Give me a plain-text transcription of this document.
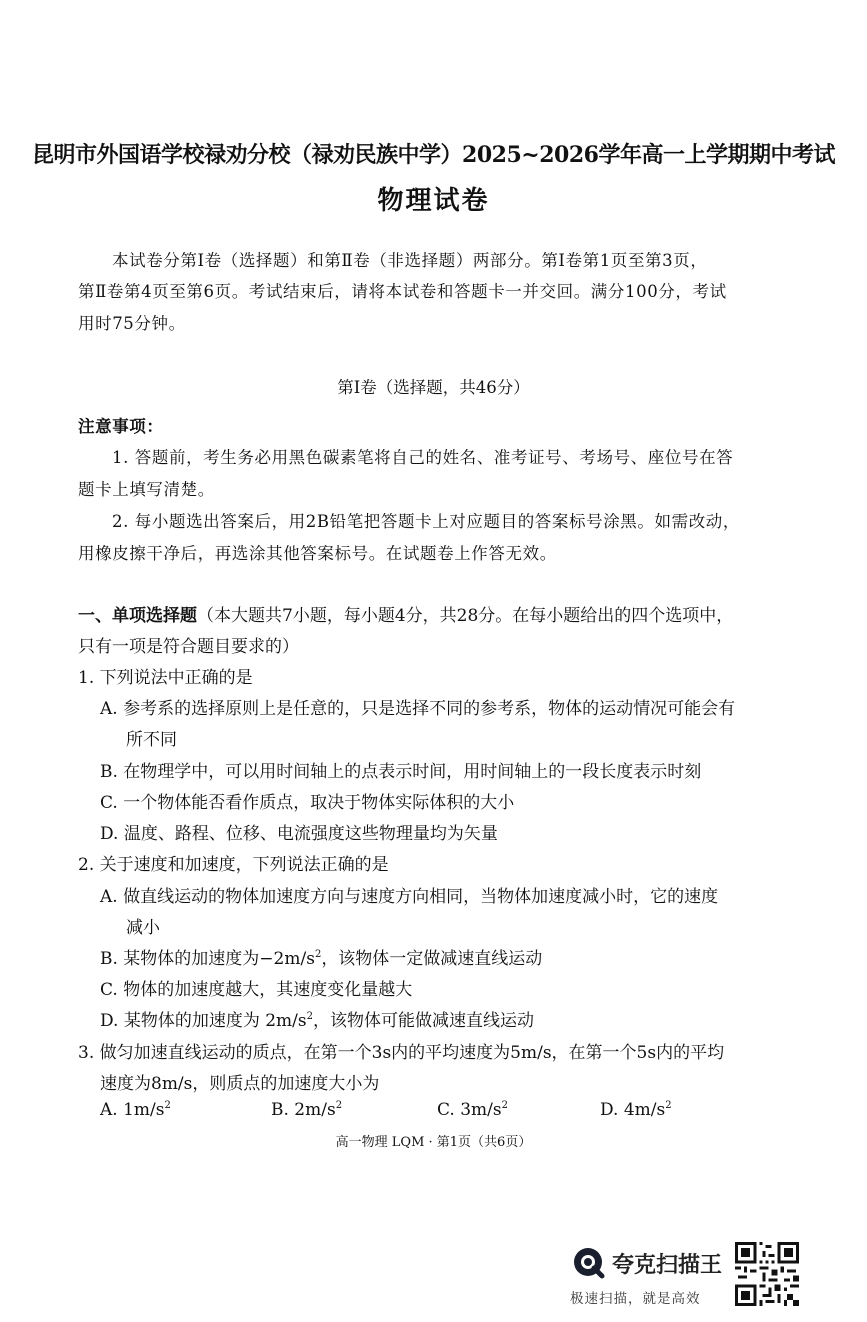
昆明市外国语学校禄劝分校（禄劝民族中学）2025~2026学年高一上学期期中考试
物理试卷
本试卷分第Ⅰ卷（选择题）和第Ⅱ卷（非选择题）两部分。第Ⅰ卷第1页至第3页，
第Ⅱ卷第4页至第6页。考试结束后，请将本试卷和答题卡一并交回。满分100分，考试
用时75分钟。
第Ⅰ卷（选择题，共46分）
注意事项：
1. 答题前，考生务必用黑色碳素笔将自己的姓名、准考证号、考场号、座位号在答
题卡上填写清楚。
2. 每小题选出答案后，用2B铅笔把答题卡上对应题目的答案标号涂黑。如需改动，
用橡皮擦干净后，再选涂其他答案标号。在试题卷上作答无效。
一、单项选择题（本大题共7小题，每小题4分，共28分。在每小题给出的四个选项中，
只有一项是符合题目要求的）
1. 下列说法中正确的是
A. 参考系的选择原则上是任意的，只是选择不同的参考系，物体的运动情况可能会有
所不同
B. 在物理学中，可以用时间轴上的点表示时间，用时间轴上的一段长度表示时刻
C. 一个物体能否看作质点，取决于物体实际体积的大小
D. 温度、路程、位移、电流强度这些物理量均为矢量
2. 关于速度和加速度，下列说法正确的是
A. 做直线运动的物体加速度方向与速度方向相同，当物体加速度减小时，它的速度
减小
B. 某物体的加速度为$-2m/s^2$，该物体一定做减速直线运动
C. 物体的加速度越大，其速度变化量越大
D. 某物体的加速度为 $2m/s^2$，该物体可能做减速直线运动
3. 做匀加速直线运动的质点，在第一个3s内的平均速度为5m/s，在第一个5s内的平均
速度为8m/s，则质点的加速度大小为
A. $1m/s^2$	B. $2m/s^2$	C. $3m/s^2$	D. $4m/s^2$
高一物理 LQM · 第1页（共6页）
夸克扫描王
极速扫描，就是高效
